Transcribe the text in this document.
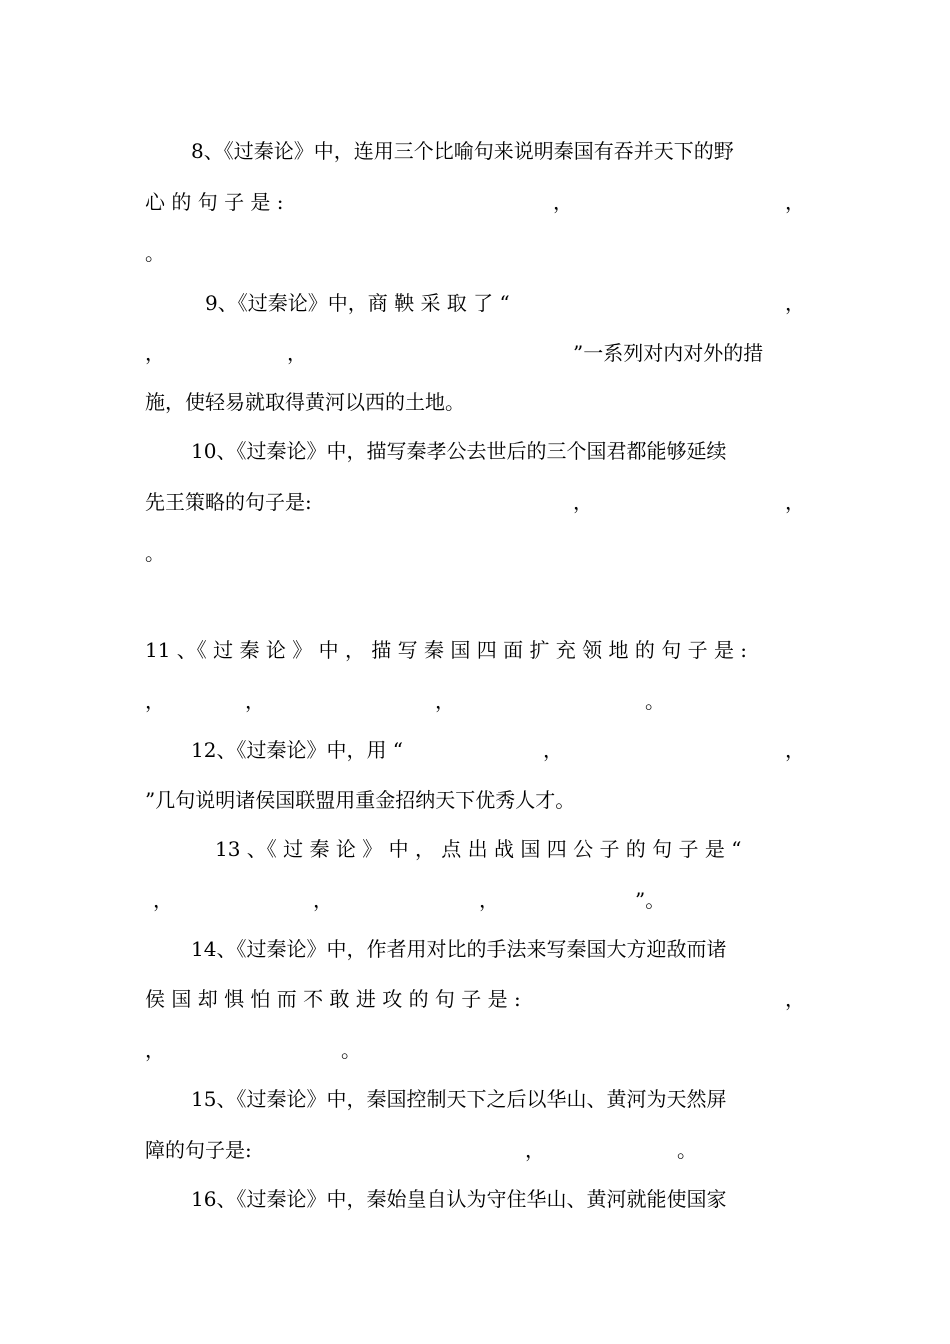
8、《过秦论》中，连用三个比喻句来说明秦国有吞并天下的野

心 的 句 子 是 :

	，

	，

。

9、《过秦论》中，商 鞅 采 取 了 “

	，

，

	，

	”一系列对内对外的措

施，使轻易就取得黄河以西的土地。

10、《过秦论》中，描写秦孝公去世后的三个国君都能够延续

先王策略的句子是:

	，

	，

。

11 、《 过 秦 论 》 中 ， 描 写 秦 国 四 面 扩 充 领 地 的 句 子 是 :

，

	，

	，

	。

12、《过秦论》中，用 “

	，

	，

”几句说明诸侯国联盟用重金招纳天下优秀人才。

13 、《 过 秦 论 》 中 ， 点 出 战 国 四 公 子 的 句 子 是 “

，

	，

	，

	”。

14、《过秦论》中，作者用对比的手法来写秦国大方迎敌而诸

侯 国 却 惧 怕 而 不 敢 进 攻 的 句 子 是 :

	，

，

	。

15、《过秦论》中，秦国控制天下之后以华山、黄河为天然屏

障的句子是:

	，

	。

16、《过秦论》中，秦始皇自认为守住华山、黄河就能使国家
